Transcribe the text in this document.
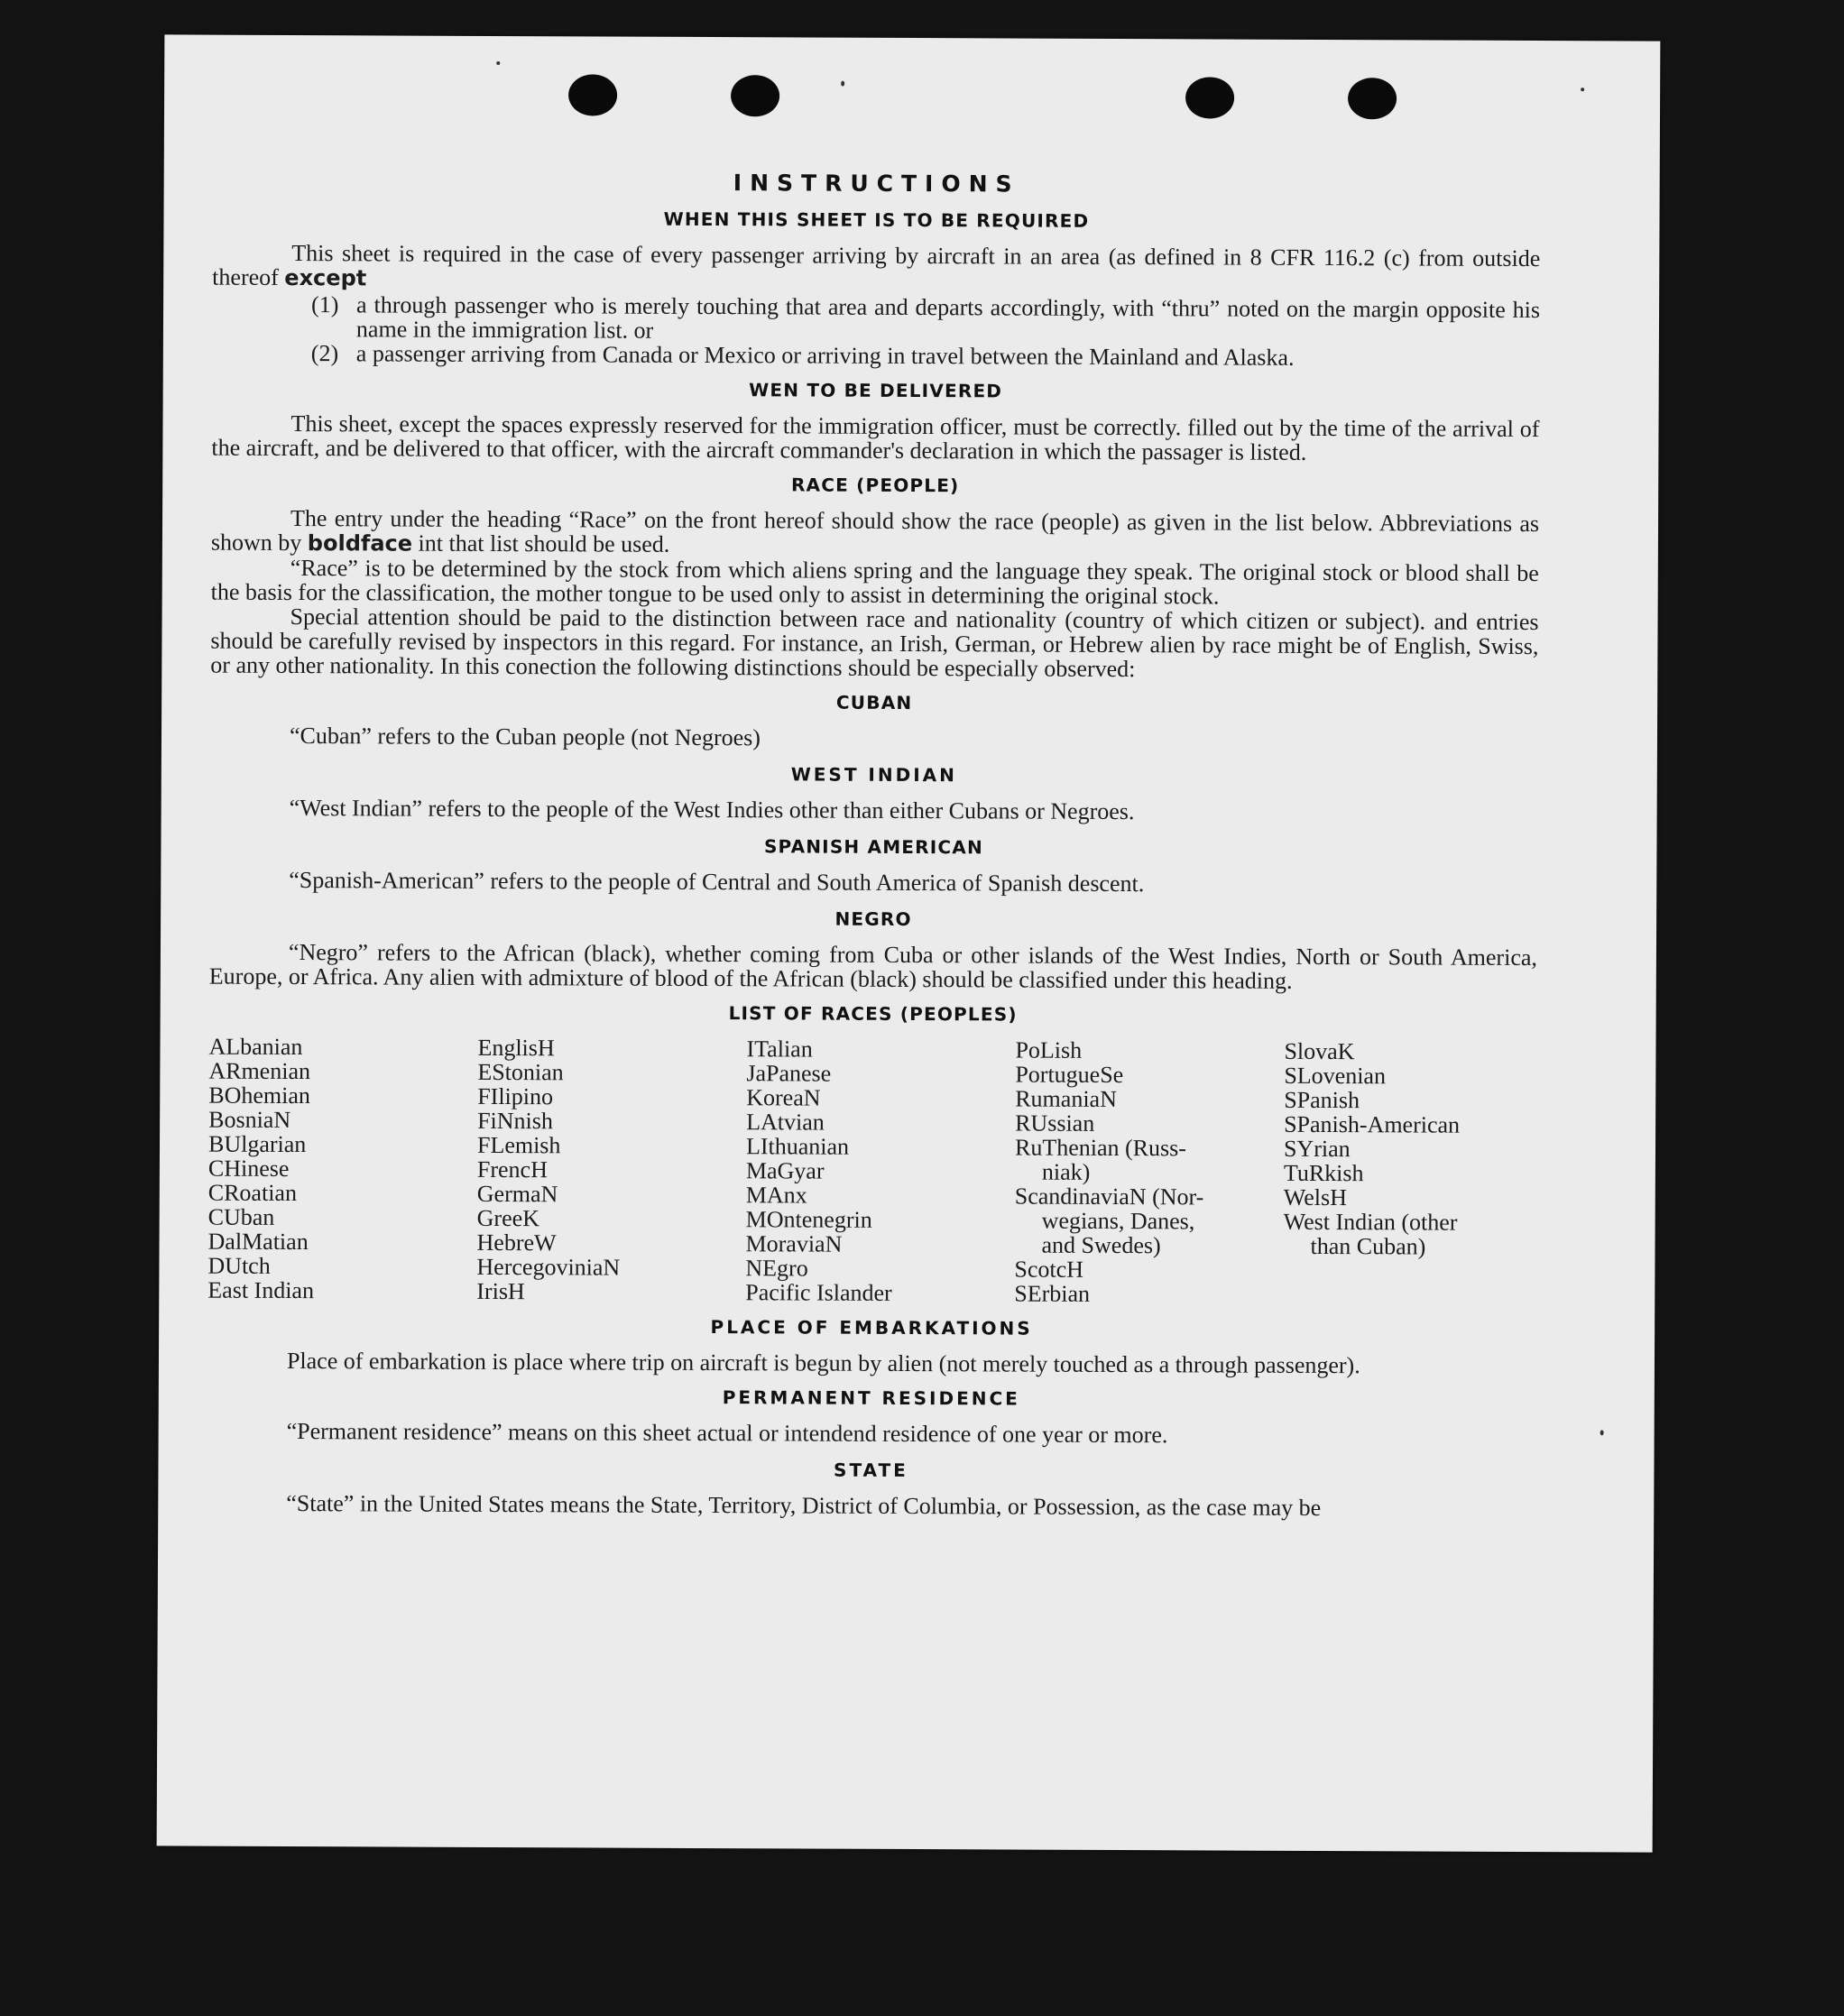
INSTRUCTIONS
WHEN THIS SHEET IS TO BE REQUIRED

This sheet is required in the case of every passenger arriving by aircraft in an area (as defined in 8 CFR 116.2 (c) from outside thereof except

(1) a through passenger who is merely touching that area and departs accordingly, with “thru” noted on the margin opposite his name in the immigration list. or
(2) a passenger arriving from Canada or Mexico or arriving in travel between the Mainland and Alaska.
WEN TO BE DELIVERED

This sheet, except the spaces expressly reserved for the immigration officer, must be correctly. filled out by the time of the arrival of the aircraft, and be delivered to that officer, with the aircraft commander's declaration in which the passager is listed.

RACE (PEOPLE)

The entry under the heading “Race” on the front hereof should show the race (people) as given in the list below. Abbreviations as shown by boldface int that list should be used.

“Race” is to be determined by the stock from which aliens spring and the language they speak. The original stock or blood shall be the basis for the classification, the mother tongue to be used only to assist in determining the original stock.

Special attention should be paid to the distinction between race and nationality (country of which citizen or subject). and entries should be carefully revised by inspectors in this regard. For instance, an Irish, German, or Hebrew alien by race might be of English, Swiss, or any other nationality. In this conection the following distinctions should be especially observed:

CUBAN

“Cuban” refers to the Cuban people (not Negroes)

WEST INDIAN

“West Indian” refers to the people of the West Indies other than either Cubans or Negroes.

SPANISH AMERICAN

“Spanish-American” refers to the people of Central and South America of Spanish descent.

NEGRO

“Negro” refers to the African (black), whether coming from Cuba or other islands of the West Indies, North or South America, Europe, or Africa. Any alien with admixture of blood of the African (black) should be classified under this heading.

LIST OF RACES (PEOPLES)
ALbanian
ARmenian
BOhemian
BosniaN
BUlgarian
CHinese
CRoatian
CUban
DalMatian
DUtch
East Indian
EnglisH
EStonian
FIlipino
FiNnish
FLemish
FrencH
GermaN
GreeK
HebreW
HercegoviniaN
IrisH
ITalian
JaPanese
KoreaN
LAtvian
LIthuanian
MaGyar
MAnx
MOntenegrin
MoraviaN
NEgro
Pacific Islander
PoLish
PortugueSe
RumaniaN
RUssian
RuThenian (Russ-
niak)
ScandinaviaN (Nor-
wegians, Danes,
and Swedes)
ScotcH
SErbian
SlovaK
SLovenian
SPanish
SPanish-American
SYrian
TuRkish
WelsH
West Indian (other
than Cuban)
PLACE OF EMBARKATIONS

Place of embarkation is place where trip on aircraft is begun by alien (not merely touched as a through passenger).

PERMANENT RESIDENCE

“Permanent residence” means on this sheet actual or intendend residence of one year or more.

STATE

“State” in the United States means the State, Territory, District of Columbia, or Possession, as the case may be
